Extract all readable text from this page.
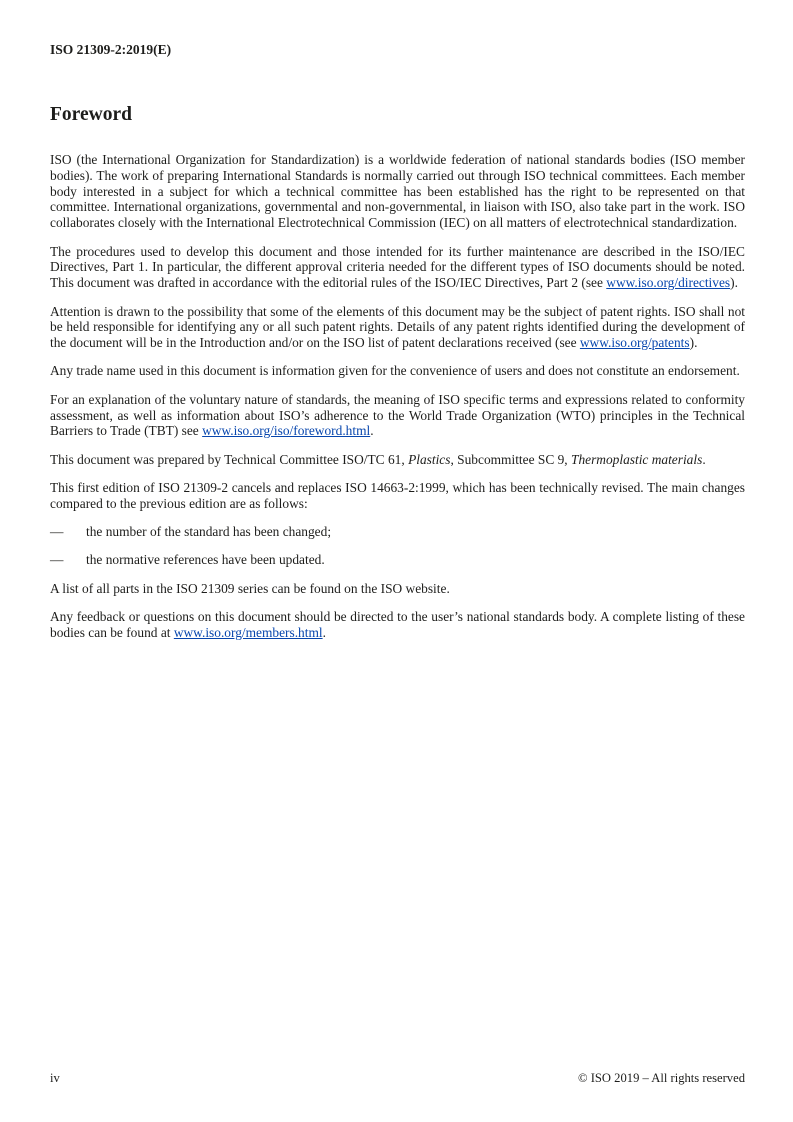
ISO 21309-2:2019(E)
Foreword

ISO (the International Organization for Standardization) is a worldwide federation of national standards bodies (ISO member bodies). The work of preparing International Standards is normally carried out through ISO technical committees. Each member body interested in a subject for which a technical committee has been established has the right to be represented on that committee. International organizations, governmental and non-governmental, in liaison with ISO, also take part in the work. ISO collaborates closely with the International Electrotechnical Commission (IEC) on all matters of electrotechnical standardization.

The procedures used to develop this document and those intended for its further maintenance are described in the ISO/IEC Directives, Part 1. In particular, the different approval criteria needed for the different types of ISO documents should be noted. This document was drafted in accordance with the editorial rules of the ISO/IEC Directives, Part 2 (see www.iso.org/directives).

Attention is drawn to the possibility that some of the elements of this document may be the subject of patent rights. ISO shall not be held responsible for identifying any or all such patent rights. Details of any patent rights identified during the development of the document will be in the Introduction and/or on the ISO list of patent declarations received (see www.iso.org/patents).

Any trade name used in this document is information given for the convenience of users and does not constitute an endorsement.

For an explanation of the voluntary nature of standards, the meaning of ISO specific terms and expressions related to conformity assessment, as well as information about ISO’s adherence to the World Trade Organization (WTO) principles in the Technical Barriers to Trade (TBT) see www.iso.org/iso/foreword.html.

This document was prepared by Technical Committee ISO/TC 61, Plastics, Subcommittee SC 9, Thermoplastic materials.

This first edition of ISO 21309-2 cancels and replaces ISO 14663-2:1999, which has been technically revised. The main changes compared to the previous edition are as follows:

—	the number of the standard has been changed;
—	the normative references have been updated.

A list of all parts in the ISO 21309 series can be found on the ISO website.

Any feedback or questions on this document should be directed to the user’s national standards body. A complete listing of these bodies can be found at www.iso.org/members.html.

iv	© ISO 2019 – All rights reserved
